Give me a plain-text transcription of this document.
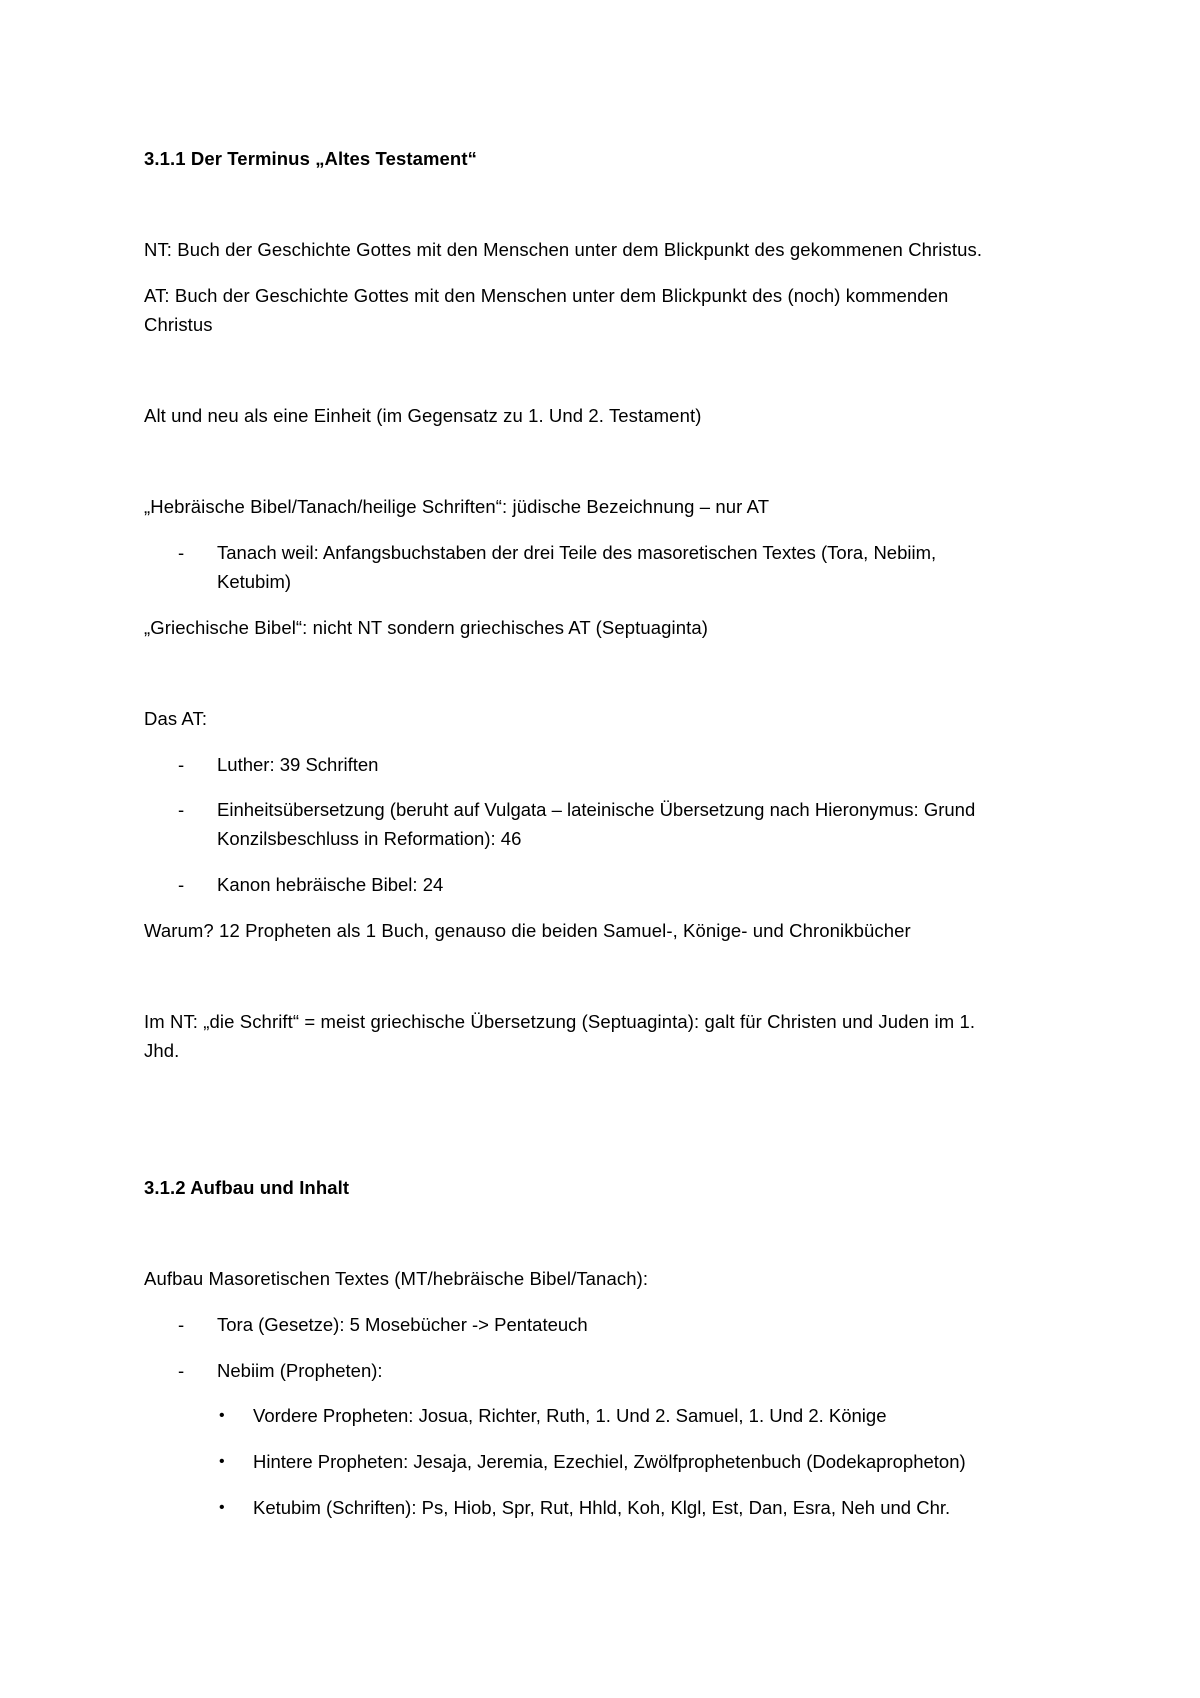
3.1.1 Der Terminus „Altes Testament“
NT: Buch der Geschichte Gottes mit den Menschen unter dem Blickpunkt des gekommenen Christus.
AT: Buch der Geschichte Gottes mit den Menschen unter dem Blickpunkt des (noch) kommenden
Christus
Alt und neu als eine Einheit (im Gegensatz zu 1. Und 2. Testament)
„Hebräische Bibel/Tanach/heilige Schriften“: jüdische Bezeichnung – nur AT
- Tanach weil: Anfangsbuchstaben der drei Teile des masoretischen Textes (Tora, Nebiim,
Ketubim)
„Griechische Bibel“: nicht NT sondern griechisches AT (Septuaginta)
Das AT:
- Luther: 39 Schriften
- Einheitsübersetzung (beruht auf Vulgata – lateinische Übersetzung nach Hieronymus: Grund
Konzilsbeschluss in Reformation): 46
- Kanon hebräische Bibel: 24
Warum? 12 Propheten als 1 Buch, genauso die beiden Samuel-, Könige- und Chronikbücher
Im NT: „die Schrift“ = meist griechische Übersetzung (Septuaginta): galt für Christen und Juden im 1.
Jhd.
3.1.2 Aufbau und Inhalt
Aufbau Masoretischen Textes (MT/hebräische Bibel/Tanach):
- Tora (Gesetze): 5 Mosebücher -> Pentateuch
- Nebiim (Propheten):
• Vordere Propheten: Josua, Richter, Ruth, 1. Und 2. Samuel, 1. Und 2. Könige
• Hintere Propheten: Jesaja, Jeremia, Ezechiel, Zwölfprophetenbuch (Dodekapropheton)
• Ketubim (Schriften): Ps, Hiob, Spr, Rut, Hhld, Koh, Klgl, Est, Dan, Esra, Neh und Chr.
